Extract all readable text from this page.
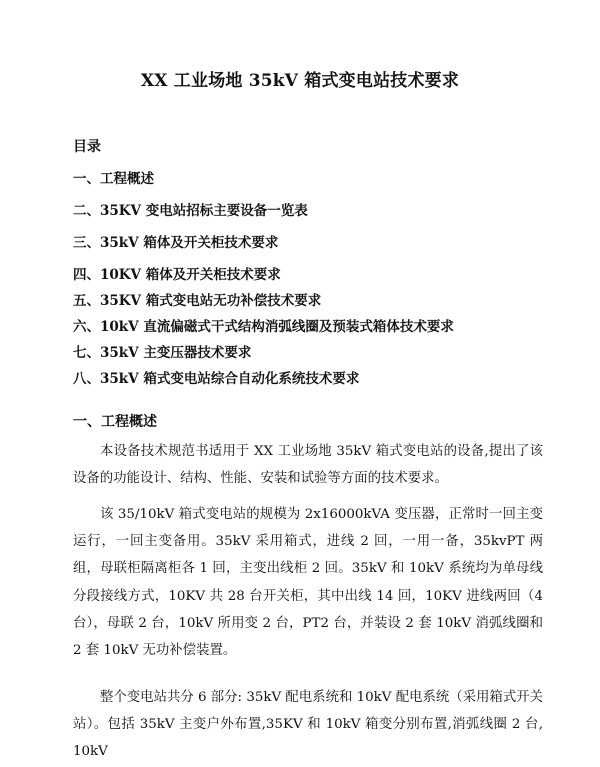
XX 工业场地 35kV 箱式变电站技术要求
目录
一、工程概述
二、35KV 变电站招标主要设备一览表
三、35kV 箱体及开关柜技术要求
四、10KV 箱体及开关柜技术要求
五、35KV 箱式变电站无功补偿技术要求
六、10kV 直流偏磁式干式结构消弧线圈及预装式箱体技术要求
七、35kV 主变压器技术要求
八、35kV 箱式变电站综合自动化系统技术要求
一、工程概述

本设备技术规范书适用于 XX 工业场地 35kV 箱式变电站的设备,提出了该设备的功能设计、结构、性能、安装和试验等方面的技术要求。

该 35/10kV 箱式变电站的规模为 2x16000kVA 变压器，正常时一回主变运行，一回主变备用。35kV 采用箱式，进线 2 回，一用一备，35kvPT 两组，母联柜隔离柜各 1 回，主变出线柜 2 回。35kV 和 10kV 系统均为单母线分段接线方式，10KV 共 28 台开关柜，其中出线 14 回，10KV 进线两回（4 台），母联 2 台，10kV 所用变 2 台，PT2 台，并装设 2 套 10kV 消弧线圈和 2 套 10kV 无功补偿装置。

整个变电站共分 6 部分: 35kV 配电系统和 10kV 配电系统（采用箱式开关站）。包括 35kV 主变户外布置,35KV 和 10kV 箱变分别布置,消弧线圈 2 台, 10kV
